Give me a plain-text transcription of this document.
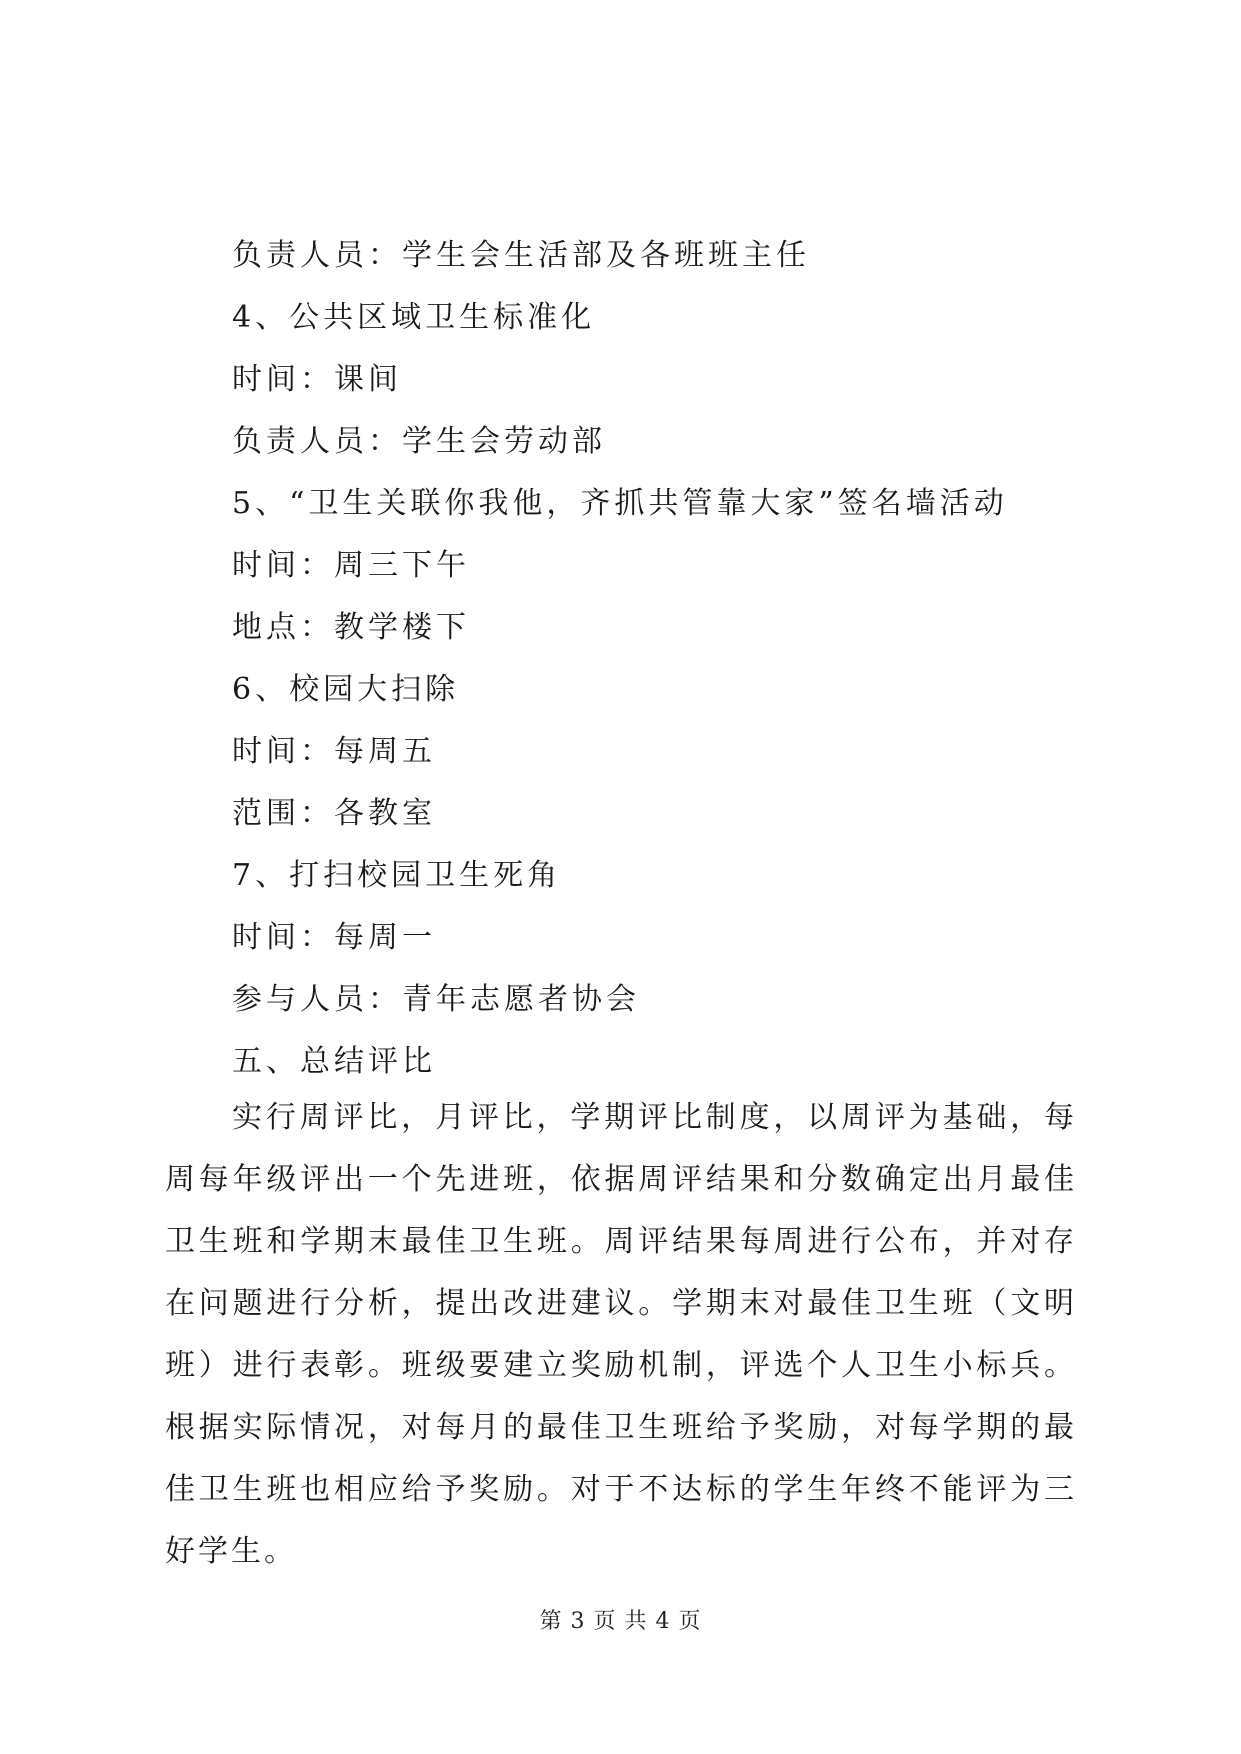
负责人员：学生会生活部及各班班主任
4、公共区域卫生标准化
时间：课间
负责人员：学生会劳动部
5、“卫生关联你我他，齐抓共管靠大家”签名墙活动
时间：周三下午
地点：教学楼下
6、校园大扫除
时间：每周五
范围：各教室
7、打扫校园卫生死角
时间：每周一
参与人员：青年志愿者协会
五、总结评比
实行周评比，月评比，学期评比制度，以周评为基础，每周每年级评出一个先进班，依据周评结果和分数确定出月最佳卫生班和学期末最佳卫生班。周评结果每周进行公布，并对存在问题进行分析，提出改进建议。学期末对最佳卫生班（文明班）进行表彰。班级要建立奖励机制，评选个人卫生小标兵。根据实际情况，对每月的最佳卫生班给予奖励，对每学期的最佳卫生班也相应给予奖励。对于不达标的学生年终不能评为三好学生。
第 3 页 共 4 页
